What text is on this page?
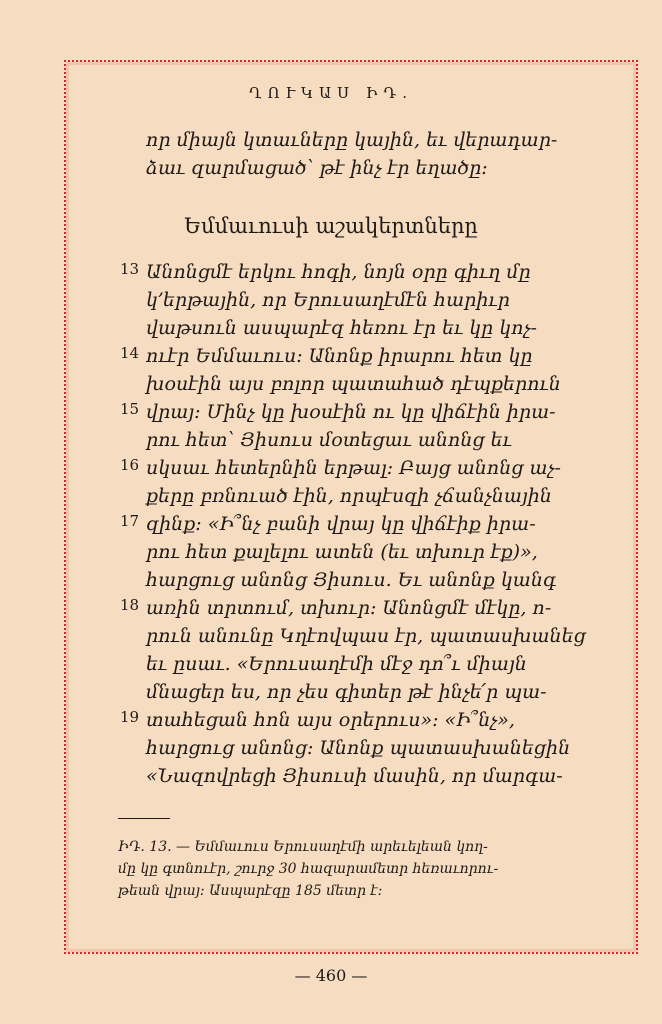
ՂՈՒԿԱՍ ԻԴ.
որ միայն կտաւները կային, եւ վերադար-
ձաւ զարմացած՝ թէ ինչ էր եղածը:
Եմմաւուսի աշակերտները
13
14
15
16
17
18
19
Անոնցմէ երկու հոգի, նոյն օրը գիւղ մը
կ՚երթային, որ Երուսաղէմէն հարիւր
վաթսուն ասպարէզ հեռու էր եւ կը կոչ-
ուէր Եմմաւուս: Անոնք իրարու հետ կը
խօսէին այս բոլոր պատահած դէպքերուն
վրայ: Մինչ կը խօսէին ու կը վիճէին իրա-
րու հետ՝ Յիսուս մօտեցաւ անոնց եւ
սկսաւ հետերնին երթալ: Բայց անոնց աչ-
քերը բռնուած էին, որպէսզի չճանչնային
զինք: «Ի՞նչ բանի վրայ կը վիճէիք իրա-
րու հետ քալելու ատեն (եւ տխուր էք)»,
հարցուց անոնց Յիսուս. Եւ անոնք կանգ
առին տրտում, տխուր: Անոնցմէ մէկը, ո-
րուն անունը Կղէովպաս էր, պատասխանեց
եւ ըսաւ. «Երուսաղէմի մէջ դո՞ւ միայն
մնացեր ես, որ չես գիտեր թէ ինչե՛ր պա-
տահեցան հոն այս օրերուս»: «Ի՞նչ»,
հարցուց անոնց: Անոնք պատասխանեցին
«Նազովրեցի Յիսուսի մասին, որ մարգա-
ԻԴ. 13. — Եմմաւուս Երուսաղէմի արեւելեան կող-
մը կը գտնուէր, շուրջ 30 հազարամետր հեռաւորու-
թեան վրայ: Ասպարէզը 185 մետր է:
— 460 —
